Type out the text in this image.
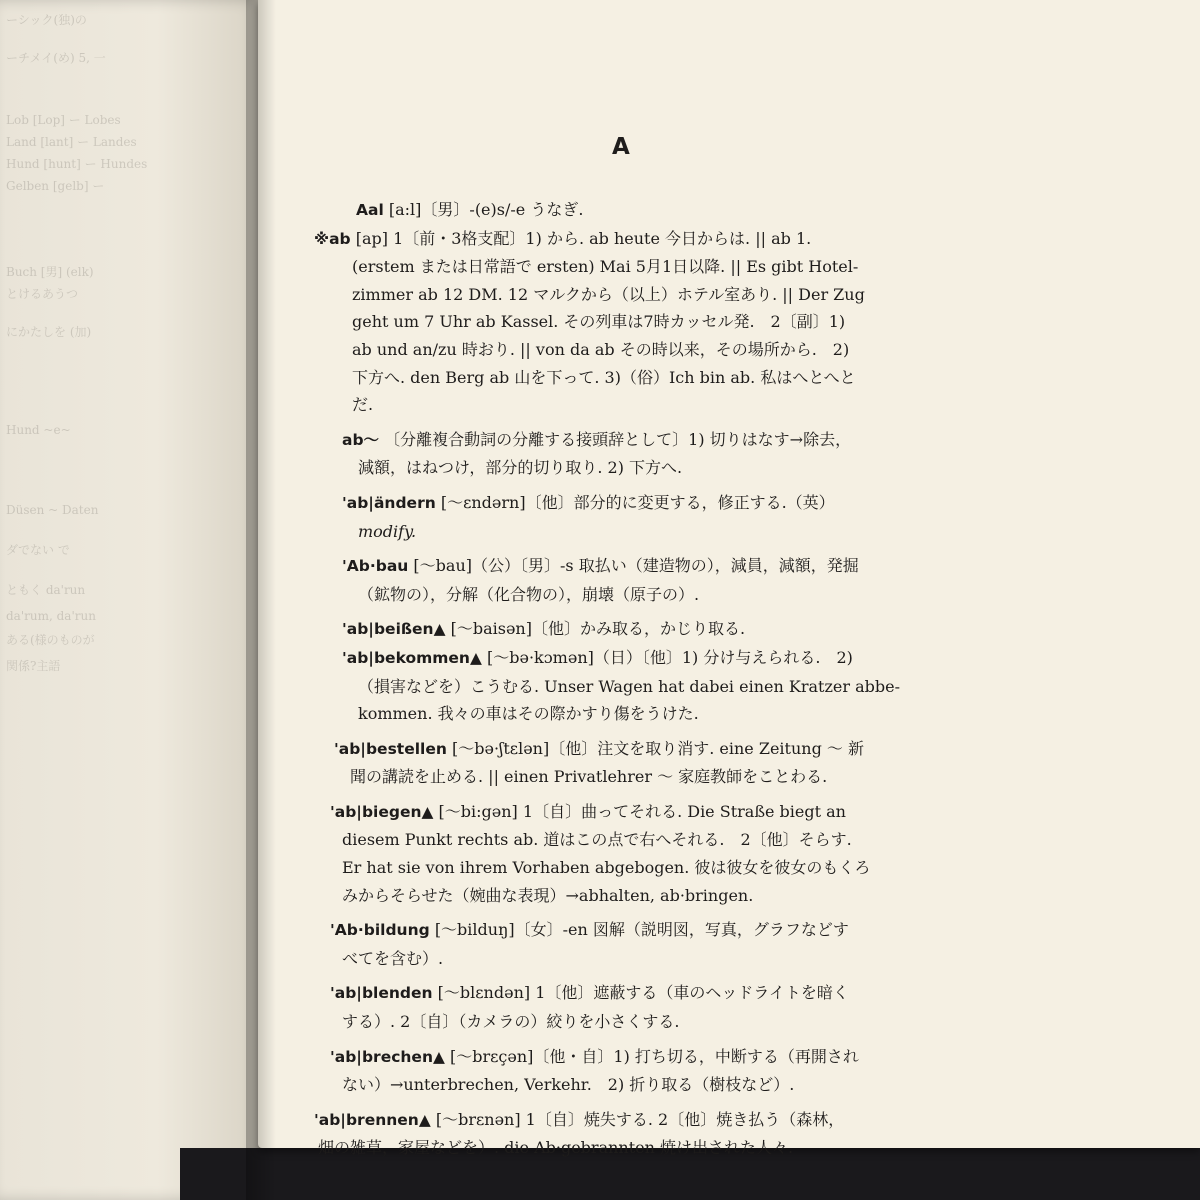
ーシック(独)の
ーチメイ(め) 5, 一
Lob [Lop] ー Lobes
Land [lant] ー Landes
Hund [hunt] ー Hundes
Gelben [gelb] ー
Buch [男] (elk)
とけるあうつ
にかたしを (加)
Hund ~e~
Düsen ~ Daten
ダでない で
ともく da'run
da'rum, da'run
ある(様のものが
関係?主語
A
Aal [a:l]〔男〕-(e)s/-e うなぎ.
※ab [ap] 1〔前・3格支配〕1) から. ab heute 今日からは. || ab 1.
(erstem または日常語で ersten) Mai 5月1日以降. || Es gibt Hotel-
zimmer ab 12 DM. 12 マルクから（以上）ホテル室あり. || Der Zug
geht um 7 Uhr ab Kassel. その列車は7時カッセル発.　2〔副〕1)
ab und an/zu 時おり. || von da ab その時以来，その場所から.　2)
下方へ. den Berg ab 山を下って. 3)（俗）Ich bin ab. 私はへとへと
だ.
ab～ 〔分離複合動詞の分離する接頭辞として〕1) 切りはなす→除去，
減額，はねつけ，部分的切り取り. 2) 下方へ.
'ab|ändern [～εndərn]〔他〕部分的に変更する，修正する.（英）
modify.
'Ab·bau [～bau]（公）〔男〕-s 取払い（建造物の），減員，減額，発掘
（鉱物の），分解（化合物の），崩壊（原子の）.
'ab|beißen▲ [～baisən]〔他〕かみ取る，かじり取る.
'ab|bekommen▲ [～bə·kɔmən]（日）〔他〕1) 分け与えられる.　2)
（損害などを）こうむる. Unser Wagen hat dabei einen Kratzer abbe-
kommen. 我々の車はその際かすり傷をうけた.
'ab|bestellen [～bə·ʃtεlən]〔他〕注文を取り消す. eine Zeitung ～ 新
聞の講読を止める. || einen Privatlehrer ～ 家庭教師をことわる.
'ab|biegen▲ [～bi:gən] 1〔自〕曲ってそれる. Die Straße biegt an
diesem Punkt rechts ab. 道はこの点で右へそれる.　2〔他〕そらす.
Er hat sie von ihrem Vorhaben abgebogen. 彼は彼女を彼女のもくろ
みからそらせた（婉曲な表現）→abhalten, ab·bringen.
'Ab·bildung [～bilduŋ]〔女〕-en 図解（説明図，写真，グラフなどす
べてを含む）.
'ab|blenden [～blεndən] 1〔他〕遮蔽する（車のヘッドライトを暗く
する）. 2〔自〕（カメラの）絞りを小さくする.
'ab|brechen▲ [～brεçən]〔他・自〕1) 打ち切る，中断する（再開され
ない）→unterbrechen, Verkehr.　2) 折り取る（樹枝など）.
'ab|brennen▲ [～brεnən] 1〔自〕焼失する. 2〔他〕焼き払う（森林，
畑の雑草，家屋などを）. die Ab·gebrannten 焼け出された人々.
